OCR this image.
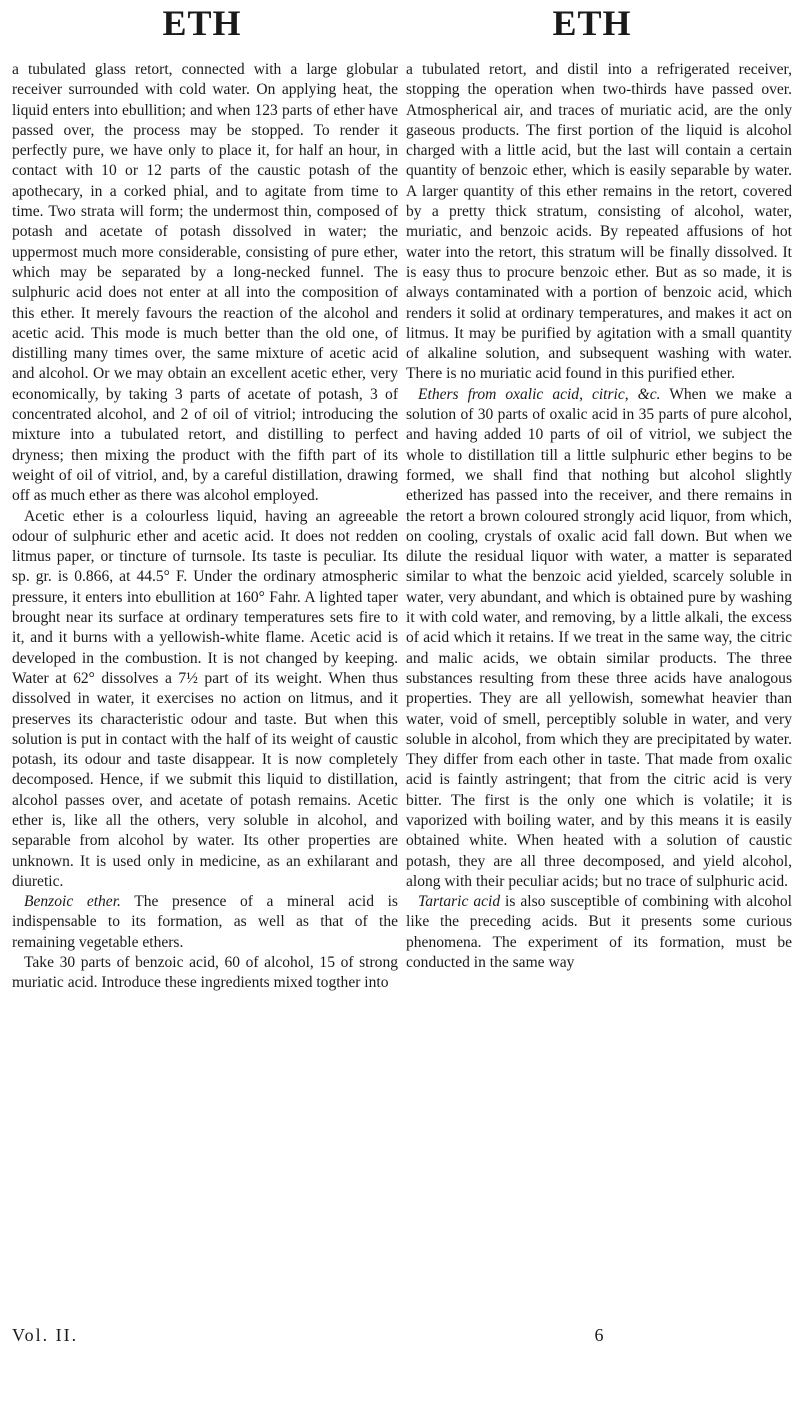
ETH	ETH

a tubulated glass retort, connected with a large globular receiver surrounded with cold water. On applying heat, the liquid enters into ebullition; and when 123 parts of ether have passed over, the process may be stopped. To render it perfectly pure, we have only to place it, for half an hour, in contact with 10 or 12 parts of the caustic potash of the apothecary, in a corked phial, and to agitate from time to time. Two strata will form; the undermost thin, composed of potash and acetate of potash dissolved in water; the uppermost much more considerable, consisting of pure ether, which may be separated by a long-necked funnel. The sulphuric acid does not enter at all into the composition of this ether. It merely favours the reaction of the alcohol and acetic acid. This mode is much better than the old one, of distilling many times over, the same mixture of acetic acid and alcohol. Or we may obtain an excellent acetic ether, very economically, by taking 3 parts of acetate of potash, 3 of concentrated alcohol, and 2 of oil of vitriol; introducing the mixture into a tubulated retort, and distilling to perfect dryness; then mixing the product with the fifth part of its weight of oil of vitriol, and, by a careful distillation, drawing off as much ether as there was alcohol employed.

Acetic ether is a colourless liquid, having an agreeable odour of sulphuric ether and acetic acid. It does not redden litmus paper, or tincture of turnsole. Its taste is peculiar. Its sp. gr. is 0.866, at 44.5° F. Under the ordinary atmospheric pressure, it enters into ebullition at 160° Fahr. A lighted taper brought near its surface at ordinary temperatures sets fire to it, and it burns with a yellowish-white flame. Acetic acid is developed in the combustion. It is not changed by keeping. Water at 62° dissolves a 7½ part of its weight. When thus dissolved in water, it exercises no action on litmus, and it preserves its characteristic odour and taste. But when this solution is put in contact with the half of its weight of caustic potash, its odour and taste disappear. It is now completely decomposed. Hence, if we submit this liquid to distillation, alcohol passes over, and acetate of potash remains. Acetic ether is, like all the others, very soluble in alcohol, and separable from alcohol by water. Its other properties are unknown. It is used only in medicine, as an exhilarant and diuretic.

Benzoic ether. The presence of a mineral acid is indispensable to its formation, as well as that of the remaining vegetable ethers.

Take 30 parts of benzoic acid, 60 of alcohol, 15 of strong muriatic acid. Introduce these ingredients mixed togther into

a tubulated retort, and distil into a refrigerated receiver, stopping the operation when two-thirds have passed over. Atmospherical air, and traces of muriatic acid, are the only gaseous products. The first portion of the liquid is alcohol charged with a little acid, but the last will contain a certain quantity of benzoic ether, which is easily separable by water. A larger quantity of this ether remains in the retort, covered by a pretty thick stratum, consisting of alcohol, water, muriatic, and benzoic acids. By repeated affusions of hot water into the retort, this stratum will be finally dissolved. It is easy thus to procure benzoic ether. But as so made, it is always contaminated with a portion of benzoic acid, which renders it solid at ordinary temperatures, and makes it act on litmus. It may be purified by agitation with a small quantity of alkaline solution, and subsequent washing with water. There is no muriatic acid found in this purified ether.

Ethers from oxalic acid, citric, &c. When we make a solution of 30 parts of oxalic acid in 35 parts of pure alcohol, and having added 10 parts of oil of vitriol, we subject the whole to distillation till a little sulphuric ether begins to be formed, we shall find that nothing but alcohol slightly etherized has passed into the receiver, and there remains in the retort a brown coloured strongly acid liquor, from which, on cooling, crystals of oxalic acid fall down. But when we dilute the residual liquor with water, a matter is separated similar to what the benzoic acid yielded, scarcely soluble in water, very abundant, and which is obtained pure by washing it with cold water, and removing, by a little alkali, the excess of acid which it retains. If we treat in the same way, the citric and malic acids, we obtain similar products. The three substances resulting from these three acids have analogous properties. They are all yellowish, somewhat heavier than water, void of smell, perceptibly soluble in water, and very soluble in alcohol, from which they are precipitated by water. They differ from each other in taste. That made from oxalic acid is faintly astringent; that from the citric acid is very bitter. The first is the only one which is volatile; it is vaporized with boiling water, and by this means it is easily obtained white. When heated with a solution of caustic potash, they are all three decomposed, and yield alcohol, along with their peculiar acids; but no trace of sulphuric acid.

Tartaric acid is also susceptible of combining with alcohol like the preceding acids. But it presents some curious phenomena. The experiment of its formation, must be conducted in the same way

Vol. II.	6
